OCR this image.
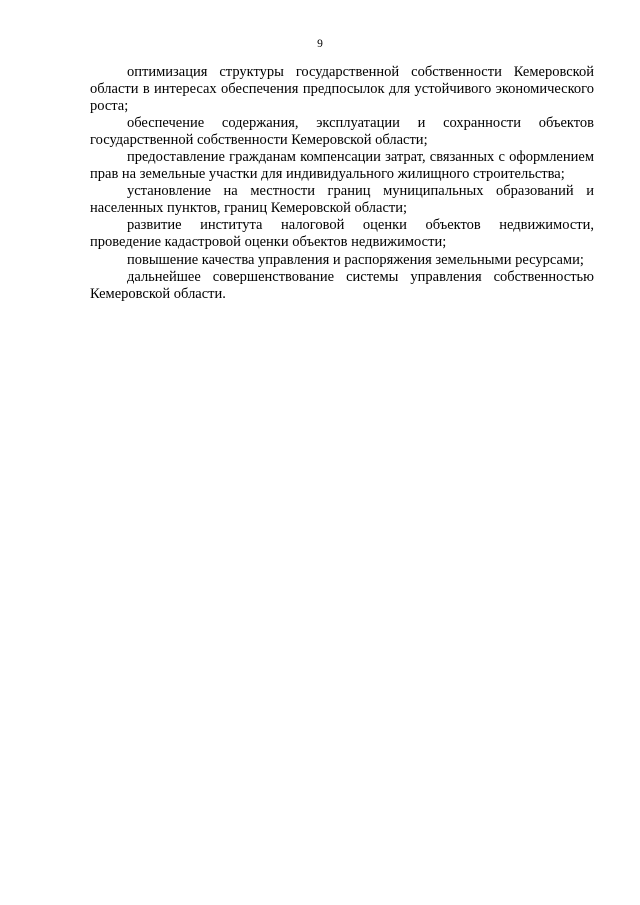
9

оптимизация структуры государственной собственности Кемеровской области в интересах обеспечения предпосылок для устойчивого экономического роста;

обеспечение содержания, эксплуатации и сохранности объектов государственной собственности Кемеровской области;

предоставление гражданам компенсации затрат, связанных с оформлением прав на земельные участки для индивидуального жилищного строительства;

установление на местности границ муниципальных образований и населенных пунктов, границ Кемеровской области;

развитие института налоговой оценки объектов недвижимости, проведение кадастровой оценки объектов недвижимости;

повышение качества управления и распоряжения земельными ресурсами;

дальнейшее совершенствование системы управления собственностью Кемеровской области.
